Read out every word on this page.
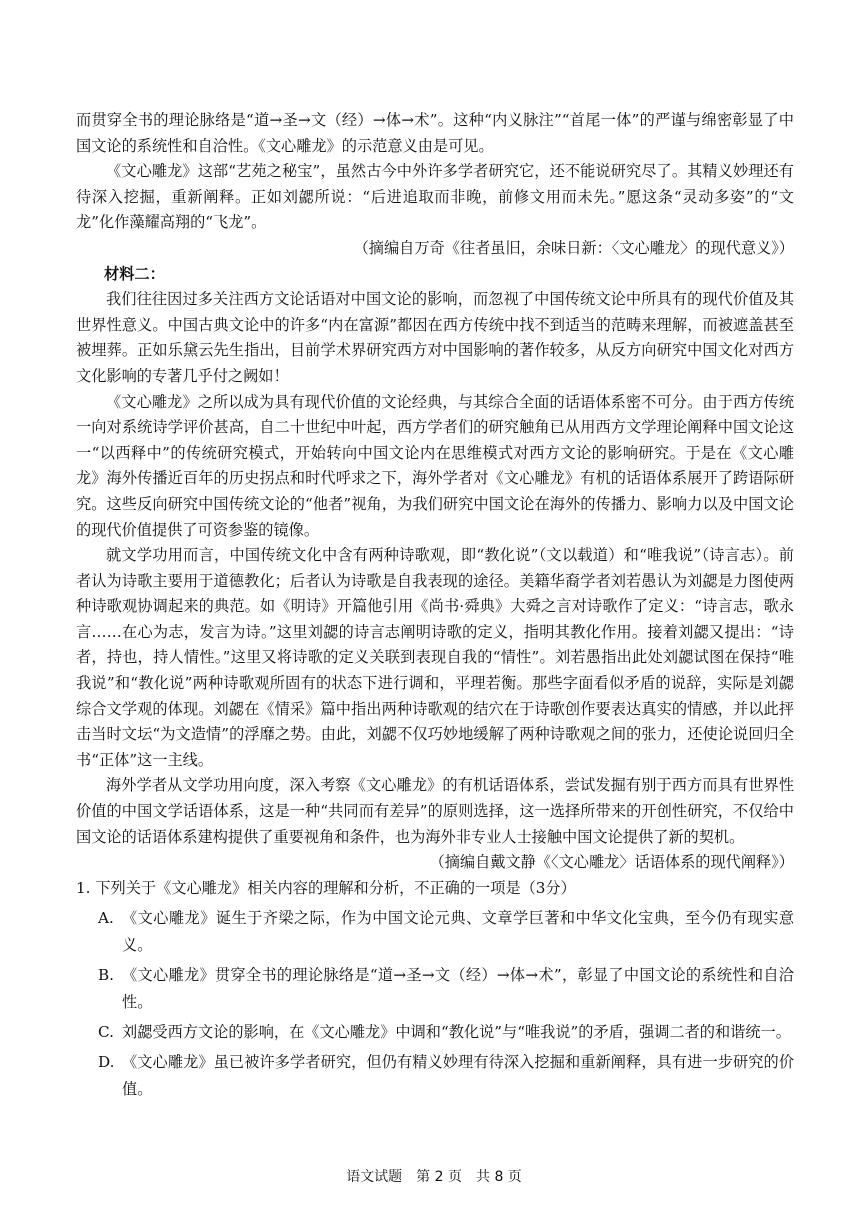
而贯穿全书的理论脉络是“道→圣→文（经）→体→术”。这种“内义脉注”“首尾一体”的严谨与绵密彰显了中国文论的系统性和自洽性。《文心雕龙》的示范意义由是可见。

《文心雕龙》这部“艺苑之秘宝”，虽然古今中外许多学者研究它，还不能说研究尽了。其精义妙理还有待深入挖掘，重新阐释。正如刘勰所说：“后进追取而非晚，前修文用而未先。”愿这条“灵动多姿”的“文龙”化作藻耀高翔的“飞龙”。

（摘编自万奇《往者虽旧，余味日新：〈文心雕龙〉的现代意义》）

材料二：

我们往往因过多关注西方文论话语对中国文论的影响，而忽视了中国传统文论中所具有的现代价值及其世界性意义。中国古典文论中的许多“内在富源”都因在西方传统中找不到适当的范畴来理解，而被遮盖甚至被埋葬。正如乐黛云先生指出，目前学术界研究西方对中国影响的著作较多，从反方向研究中国文化对西方文化影响的专著几乎付之阙如！

《文心雕龙》之所以成为具有现代价值的文论经典，与其综合全面的话语体系密不可分。由于西方传统一向对系统诗学评价甚高，自二十世纪中叶起，西方学者们的研究触角已从用西方文学理论阐释中国文论这一“以西释中”的传统研究模式，开始转向中国文论内在思维模式对西方文论的影响研究。于是在《文心雕龙》海外传播近百年的历史拐点和时代呼求之下，海外学者对《文心雕龙》有机的话语体系展开了跨语际研究。这些反向研究中国传统文论的“他者”视角，为我们研究中国文论在海外的传播力、影响力以及中国文论的现代价值提供了可资参鉴的镜像。

就文学功用而言，中国传统文化中含有两种诗歌观，即“教化说”（文以载道）和“唯我说”（诗言志）。前者认为诗歌主要用于道德教化；后者认为诗歌是自我表现的途径。美籍华裔学者刘若愚认为刘勰是力图使两种诗歌观协调起来的典范。如《明诗》开篇他引用《尚书·舜典》大舜之言对诗歌作了定义：“诗言志，歌永言……在心为志，发言为诗。”这里刘勰的诗言志阐明诗歌的定义，指明其教化作用。接着刘勰又提出：“诗者，持也，持人情性。”这里又将诗歌的定义关联到表现自我的“情性”。刘若愚指出此处刘勰试图在保持“唯我说”和“教化说”两种诗歌观所固有的状态下进行调和，平理若衡。那些字面看似矛盾的说辞，实际是刘勰综合文学观的体现。刘勰在《情采》篇中指出两种诗歌观的结穴在于诗歌创作要表达真实的情感，并以此抨击当时文坛“为文造情”的浮靡之势。由此，刘勰不仅巧妙地缓解了两种诗歌观之间的张力，还使论说回归全书“正体”这一主线。

海外学者从文学功用向度，深入考察《文心雕龙》的有机话语体系，尝试发掘有别于西方而具有世界性价值的中国文学话语体系，这是一种“共同而有差异”的原则选择，这一选择所带来的开创性研究，不仅给中国文论的话语体系建构提供了重要视角和条件，也为海外非专业人士接触中国文论提供了新的契机。

（摘编自戴文静《〈文心雕龙〉话语体系的现代阐释》）

1. 下列关于《文心雕龙》相关内容的理解和分析，不正确的一项是（3分）

A. 《文心雕龙》诞生于齐梁之际，作为中国文论元典、文章学巨著和中华文化宝典，至今仍有现实意义。
B. 《文心雕龙》贯穿全书的理论脉络是“道→圣→文（经）→体→术”，彰显了中国文论的系统性和自洽性。
C. 刘勰受西方文论的影响，在《文心雕龙》中调和“教化说”与“唯我说”的矛盾，强调二者的和谐统一。
D. 《文心雕龙》虽已被许多学者研究，但仍有精义妙理有待深入挖掘和重新阐释，具有进一步研究的价值。
语文试题　第 2 页　共 8 页
